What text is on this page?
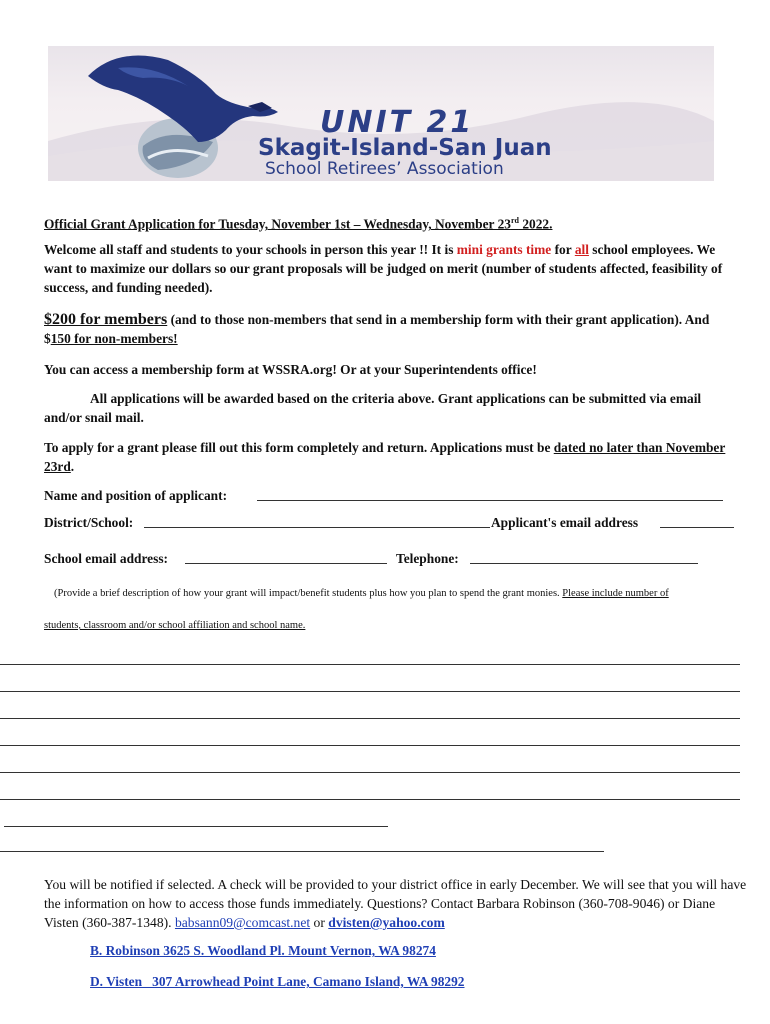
UNIT 21
Skagit-Island-San Juan
School Retirees’ Association

Official Grant Application for Tuesday, November 1st – Wednesday, November 23rd 2022.

Welcome all staff and students to your schools in person this year !! It is mini grants time for all school employees. We want to maximize our dollars so our grant proposals will be judged on merit (number of students affected, feasibility of success, and funding needed).

$200 for members (and to those non-members that send in a membership form with their grant application). And $150 for non-members!

You can access a membership form at WSSRA.org! Or at your Superintendents office!

All applications will be awarded based on the criteria above. Grant applications can be submitted via email and/or snail mail.

To apply for a grant please fill out this form completely and return. Applications must be dated no later than November 23rd.

Name and position of applicant:
District/School:	Applicant's email address
School email address:	Telephone:
(Provide a brief description of how your grant will impact/benefit students plus how you plan to spend the grant monies. Please include number of
students, classroom and/or school affiliation and school name.

You will be notified if selected. A check will be provided to your district office in early December. We will see that you will have the information on how to access those funds immediately. Questions? Contact Barbara Robinson (360-708-9046) or Diane Visten (360-387-1348). babsann09@comcast.net or dvisten@yahoo.com

B. Robinson 3625 S. Woodland Pl. Mount Vernon, WA 98274
D. Visten   307 Arrowhead Point Lane, Camano Island, WA 98292
